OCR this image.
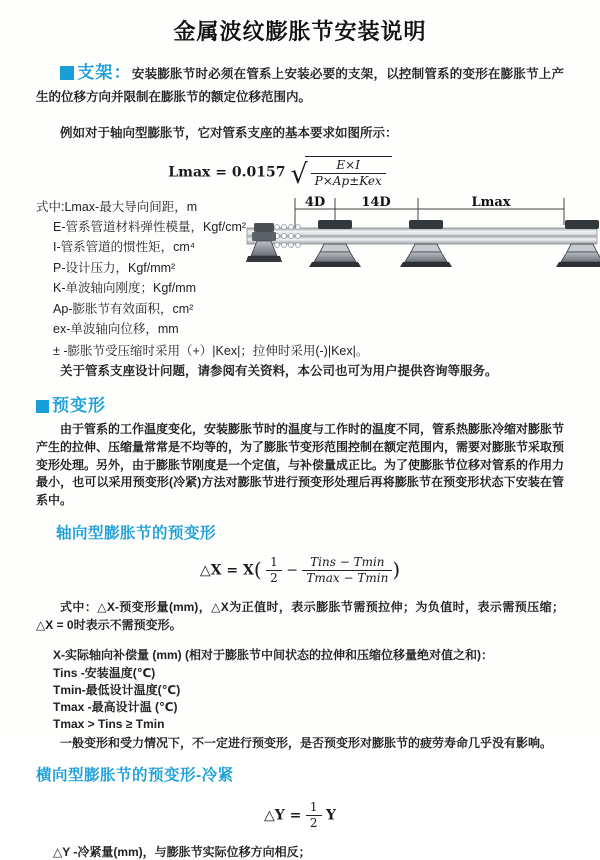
金属波纹膨胀节安装说明

支架：安装膨胀节时必须在管系上安装必要的支架，以控制管系的变形在膨胀节上产生的位移方向并限制在膨胀节的额定位移范围内。

例如对于轴向型膨胀节，它对管系支座的基本要求如图所示：

Lmax = 0.0157 √ $\frac{E\times I}{\text{P×Ap±Kex}}$
式中:Lmax-最大导向间距，m
E-管系管道材料弹性模量，Kgf/cm²
I-管系管道的惯性矩，cm⁴
P-设计压力，Kgf/mm²
K-单波轴向刚度；Kgf/mm
Ap-膨胀节有效面积，cm²
ex-单波轴向位移，mm
± -膨胀节受压缩时采用（+）|Kex|；拉伸时采用(-)|Kex|。
关于管系支座设计问题，请参阅有关资料，本公司也可为用户提供咨询等服务。
预变形

由于管系的工作温度变化，安装膨胀节时的温度与工作时的温度不同，管系热膨胀冷缩对膨胀节产生的拉伸、压缩量常常是不均等的，为了膨胀节变形范围控制在额定范围内，需要对膨胀节采取预变形处理。另外，由于膨胀节刚度是一个定值，与补偿量成正比。为了使膨胀节位移对管系的作用力最小，也可以采用预变形(冷紧)方法对膨胀节进行预变形处理后再将膨胀节在预变形状态下安装在管系中。

轴向型膨胀节的预变形
△X = $X( \frac{1}{2} - \frac{\text{Tins − Tmin}}{Tmax - Tmin}$ )

式中：△X-预变形量(mm)，△X为正值时，表示膨胀节需预拉伸；为负值时，表示需预压缩；△X = 0时表示不需预变形。

X-实际轴向补偿量 (mm) (相对于膨胀节中间状态的拉伸和压缩位移量绝对值之和)：
Tins -安装温度(℃)
Tmin-最低设计温度(℃)
Tmax -最高设计温 (℃)
Tmax > Tins ≥ Tmin
一般变形和受力情况下，不一定进行预变形，是否预变形对膨胀节的疲劳寿命几乎没有影响。
横向型膨胀节的预变形-冷紧
△Y = $\frac{1}{2}$ Y
△Y -冷紧量(mm)，与膨胀节实际位移方向相反；
4D	14D	Lmax
